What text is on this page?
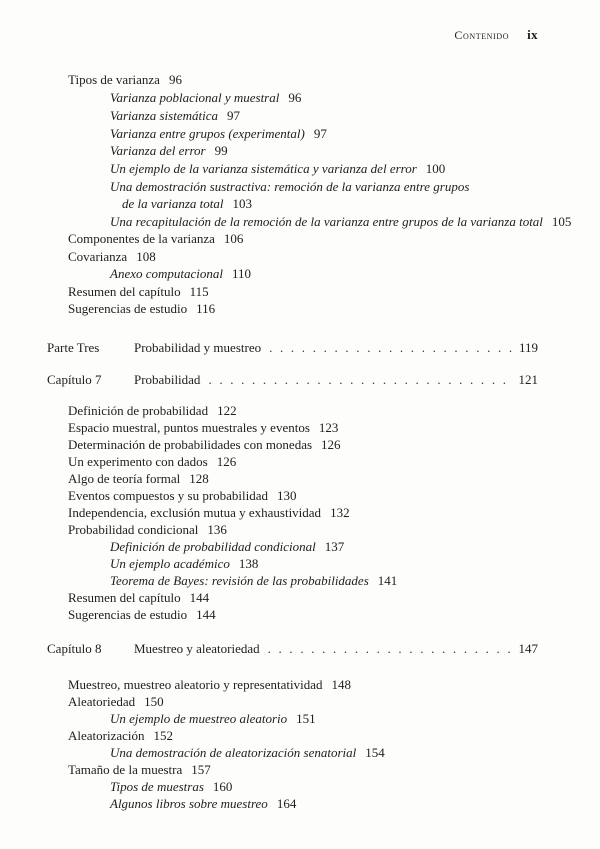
Contenido ix
Tipos de varianza 96
Varianza poblacional y muestral 96
Varianza sistemática 97
Varianza entre grupos (experimental) 97
Varianza del error 99
Un ejemplo de la varianza sistemática y varianza del error 100
Una demostración sustractiva: remoción de la varianza entre grupos
de la varianza total 103
Una recapitulación de la remoción de la varianza entre grupos de la varianza total 105
Componentes de la varianza 106
Covarianza 108
Anexo computacional 110
Resumen del capítulo 115
Sugerencias de estudio 116
Parte Tres	Probabilidad y muestreo . . .	119
Capítulo 7	Probabilidad . . .	121
Definición de probabilidad 122
Espacio muestral, puntos muestrales y eventos 123
Determinación de probabilidades con monedas 126
Un experimento con dados 126
Algo de teoría formal 128
Eventos compuestos y su probabilidad 130
Independencia, exclusión mutua y exhaustividad 132
Probabilidad condicional 136
Definición de probabilidad condicional 137
Un ejemplo académico 138
Teorema de Bayes: revisión de las probabilidades 141
Resumen del capítulo 144
Sugerencias de estudio 144
Capítulo 8	Muestreo y aleatoriedad . . .	147
Muestreo, muestreo aleatorio y representatividad 148
Aleatoriedad 150
Un ejemplo de muestreo aleatorio 151
Aleatorización 152
Una demostración de aleatorización senatorial 154
Tamaño de la muestra 157
Tipos de muestras 160
Algunos libros sobre muestreo 164
